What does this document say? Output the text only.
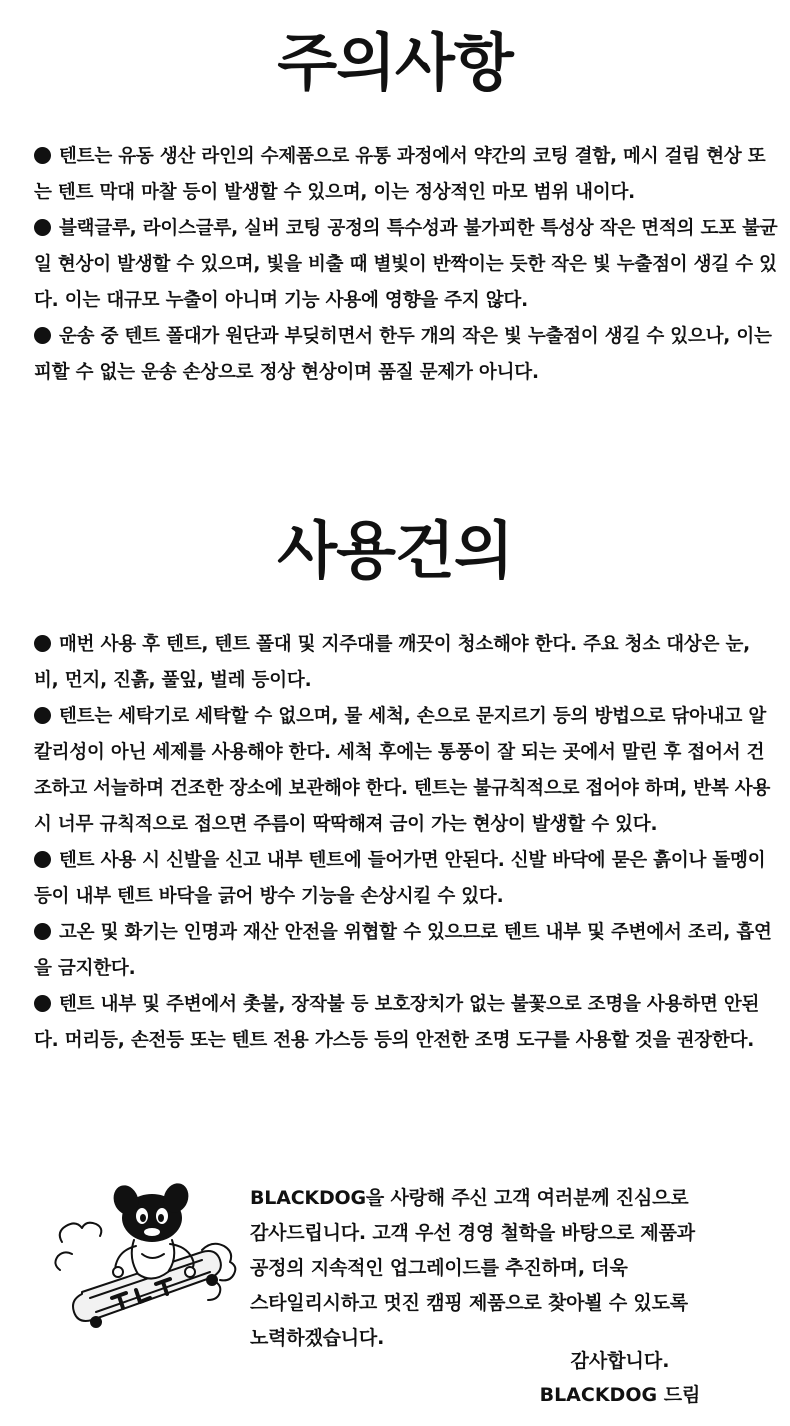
주의사항
텐트는 유동 생산 라인의 수제품으로 유통 과정에서 약간의 코팅 결함, 메시 걸림 현상 또는 텐트 막대 마찰 등이 발생할 수 있으며, 이는 정상적인 마모 범위 내이다.
블랙글루, 라이스글루, 실버 코팅 공정의 특수성과 불가피한 특성상 작은 면적의 도포 불균일 현상이 발생할 수 있으며, 빛을 비출 때 별빛이 반짝이는 듯한 작은 빛 누출점이 생길 수 있다. 이는 대규모 누출이 아니며 기능 사용에 영향을 주지 않다.
운송 중 텐트 폴대가 원단과 부딪히면서 한두 개의 작은 빛 누출점이 생길 수 있으나, 이는 피할 수 없는 운송 손상으로 정상 현상이며 품질 문제가 아니다.
사용건의
매번 사용 후 텐트, 텐트 폴대 및 지주대를 깨끗이 청소해야 한다. 주요 청소 대상은 눈, 비, 먼지, 진흙, 풀잎, 벌레 등이다.
텐트는 세탁기로 세탁할 수 없으며, 물 세척, 손으로 문지르기 등의 방법으로 닦아내고 알칼리성이 아닌 세제를 사용해야 한다. 세척 후에는 통풍이 잘 되는 곳에서 말린 후 접어서 건조하고 서늘하며 건조한 장소에 보관해야 한다. 텐트는 불규칙적으로 접어야 하며, 반복 사용 시 너무 규칙적으로 접으면 주름이 딱딱해져 금이 가는 현상이 발생할 수 있다.
텐트 사용 시 신발을 신고 내부 텐트에 들어가면 안된다. 신발 바닥에 묻은 흙이나 돌멩이 등이 내부 텐트 바닥을 긁어 방수 기능을 손상시킬 수 있다.
고온 및 화기는 인명과 재산 안전을 위협할 수 있으므로 텐트 내부 및 주변에서 조리, 흡연을 금지한다.
텐트 내부 및 주변에서 촛불, 장작불 등 보호장치가 없는 불꽃으로 조명을 사용하면 안된다. 머리등, 손전등 또는 텐트 전용 가스등 등의 안전한 조명 도구를 사용할 것을 권장한다.
BLACKDOG을 사랑해 주신 고객 여러분께 진심으로
감사드립니다. 고객 우선 경영 철학을 바탕으로 제품과
공정의 지속적인 업그레이드를 추진하며, 더욱
스타일리시하고 멋진 캠핑 제품으로 찾아뵐 수 있도록
노력하겠습니다.
감사합니다.
BLACKDOG 드림
